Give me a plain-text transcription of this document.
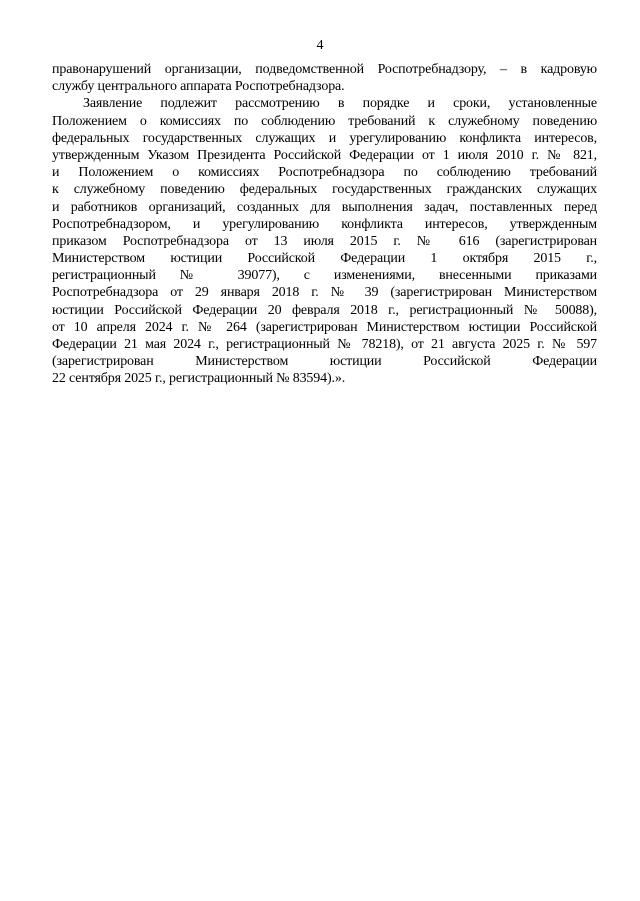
4
правонарушений организации, подведомственной Роспотребнадзору, – в кадровую
службу центрального аппарата Роспотребнадзора.
Заявление подлежит рассмотрению в порядке и сроки, установленные
Положением о комиссиях по соблюдению требований к служебному поведению
федеральных государственных служащих и урегулированию конфликта интересов,
утвержденным Указом Президента Российской Федерации от 1 июля 2010 г. № 821,
и Положением о комиссиях Роспотребнадзора по соблюдению требований
к служебному поведению федеральных государственных гражданских служащих
и работников организаций, созданных для выполнения задач, поставленных перед
Роспотребнадзором, и урегулированию конфликта интересов, утвержденным
приказом Роспотребнадзора от 13 июля 2015 г. № 616 (зарегистрирован
Министерством юстиции Российской Федерации 1 октября 2015 г.,
регистрационный № 39077), с изменениями, внесенными приказами
Роспотребнадзора от 29 января 2018 г. № 39 (зарегистрирован Министерством
юстиции Российской Федерации 20 февраля 2018 г., регистрационный № 50088),
от 10 апреля 2024 г. № 264 (зарегистрирован Министерством юстиции Российской
Федерации 21 мая 2024 г., регистрационный № 78218), от 21 августа 2025 г. № 597
(зарегистрирован Министерством юстиции Российской Федерации
22 сентября 2025 г., регистрационный № 83594).».
